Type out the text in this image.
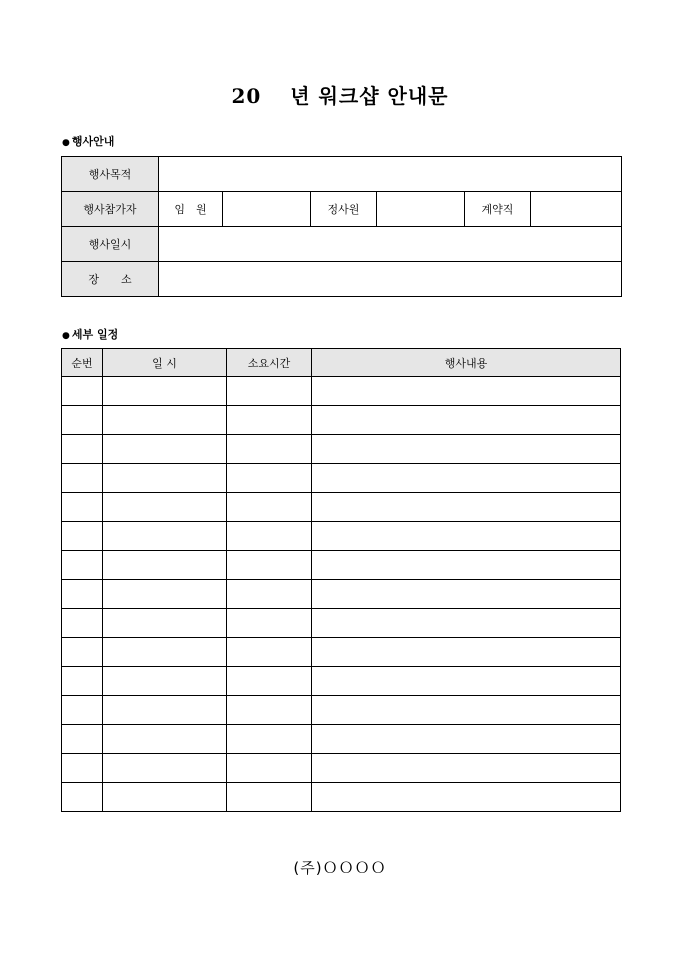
20　 년 워크샵 안내문
● 행사안내
행사목적						
행사참가자	임　원		정사원		계약직	
행사일시						
장　　소						
● 세부 일정
순번	일 시	소요시간	행사내용

(주)ＯＯＯＯ
